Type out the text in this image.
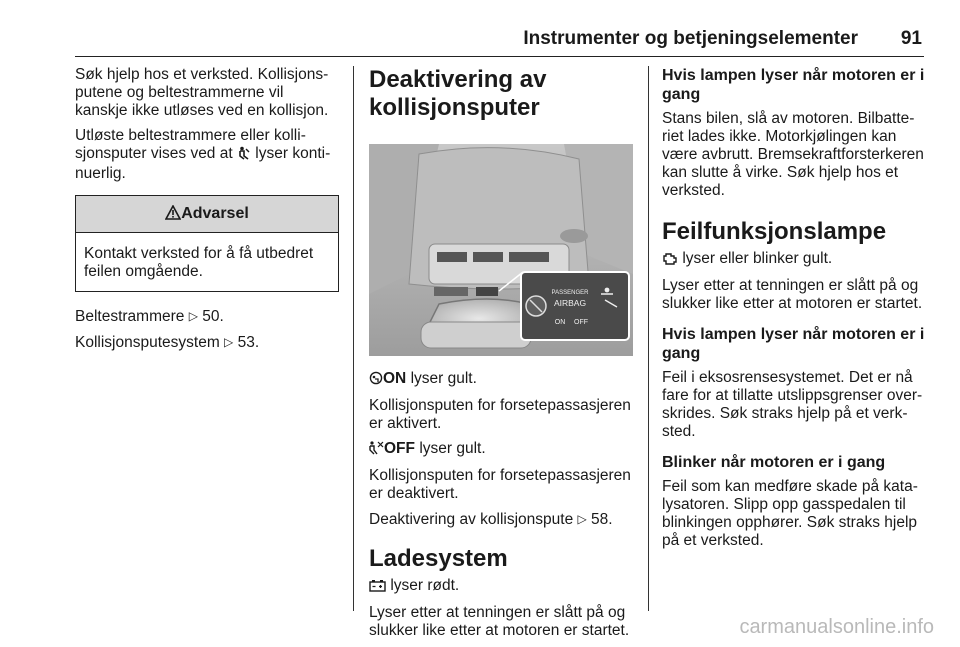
Instrumenter og betjeningselementer 91

Søk hjelp hos et verksted. Kollisjonsputene og beltestrammerne vil kanskje ikke utløses ved en kollisjon.

Utløste beltestrammere eller kollisjonsputer vises ved at lyser kontinuerlig.

Advarsel
Kontakt verksted for å få utbedret feilen omgående.

Beltestrammere ▷ 50.

Kollisjonsputesystem ▷ 53.

Deaktivering av kollisjonsputer
PASSENGER
AIRBAG
ON OFF

ON lyser gult.

Kollisjonsputen for forsetepassasjeren er aktivert.

OFF lyser gult.

Kollisjonsputen for forsetepassasjeren er deaktivert.

Deaktivering av kollisjonspute ▷ 58.

Ladesystem

lyser rødt.

Lyser etter at tenningen er slått på og slukker like etter at motoren er startet.

Hvis lampen lyser når motoren er i gang

Stans bilen, slå av motoren. Bilbatteriet lades ikke. Motorkjølingen kan være avbrutt. Bremsekraftforsterkeren kan slutte å virke. Søk hjelp hos et verksted.

Feilfunksjonslampe

lyser eller blinker gult.

Lyser etter at tenningen er slått på og slukker like etter at motoren er startet.

Hvis lampen lyser når motoren er i gang

Feil i eksosrensesystemet. Det er nå fare for at tillatte utslippsgrenser overskrides. Søk straks hjelp på et verksted.

Blinker når motoren er i gang

Feil som kan medføre skade på katalysatoren. Slipp opp gasspedalen til blinkingen opphører. Søk straks hjelp på et verksted.

carmanualsonline.info
